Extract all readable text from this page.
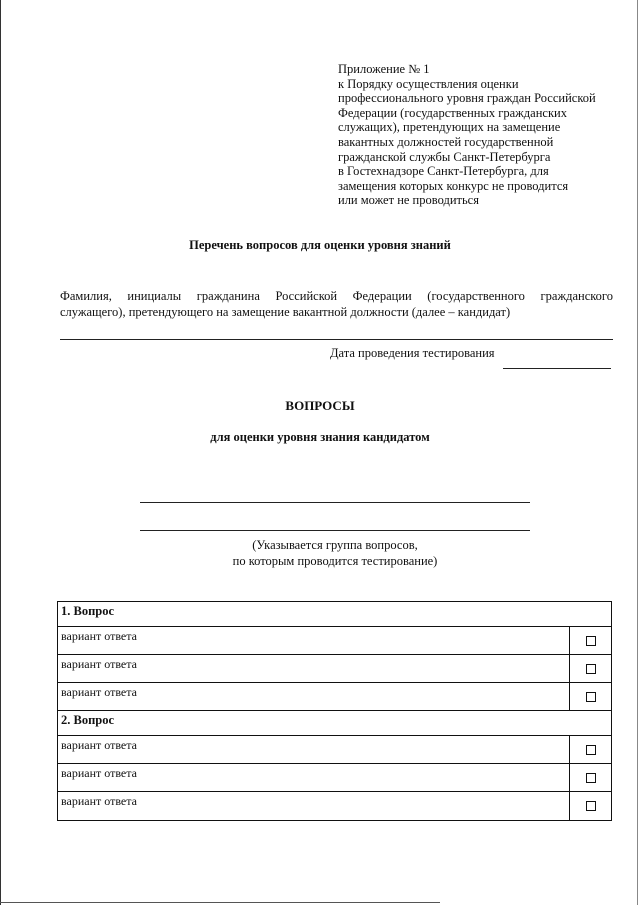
Приложение № 1
к Порядку осуществления оценки
профессионального уровня граждан Российской
Федерации (государственных гражданских
служащих), претендующих на замещение
вакантных должностей государственной
гражданской службы Санкт-Петербурга
в Гостехнадзоре Санкт-Петербурга, для
замещения которых конкурс не проводится
или может не проводиться
Перечень вопросов для оценки уровня знаний
Фамилия, инициалы гражданина Российской Федерации (государственного гражданского
служащего), претендующего на замещение вакантной должности (далее – кандидат)
Дата проведения тестирования
ВОПРОСЫ
для оценки уровня знания кандидатом
(Указывается группа вопросов,
по которым проводится тестирование)
1. Вопрос
вариант ответа
вариант ответа
вариант ответа
2. Вопрос
вариант ответа
вариант ответа
вариант ответа
